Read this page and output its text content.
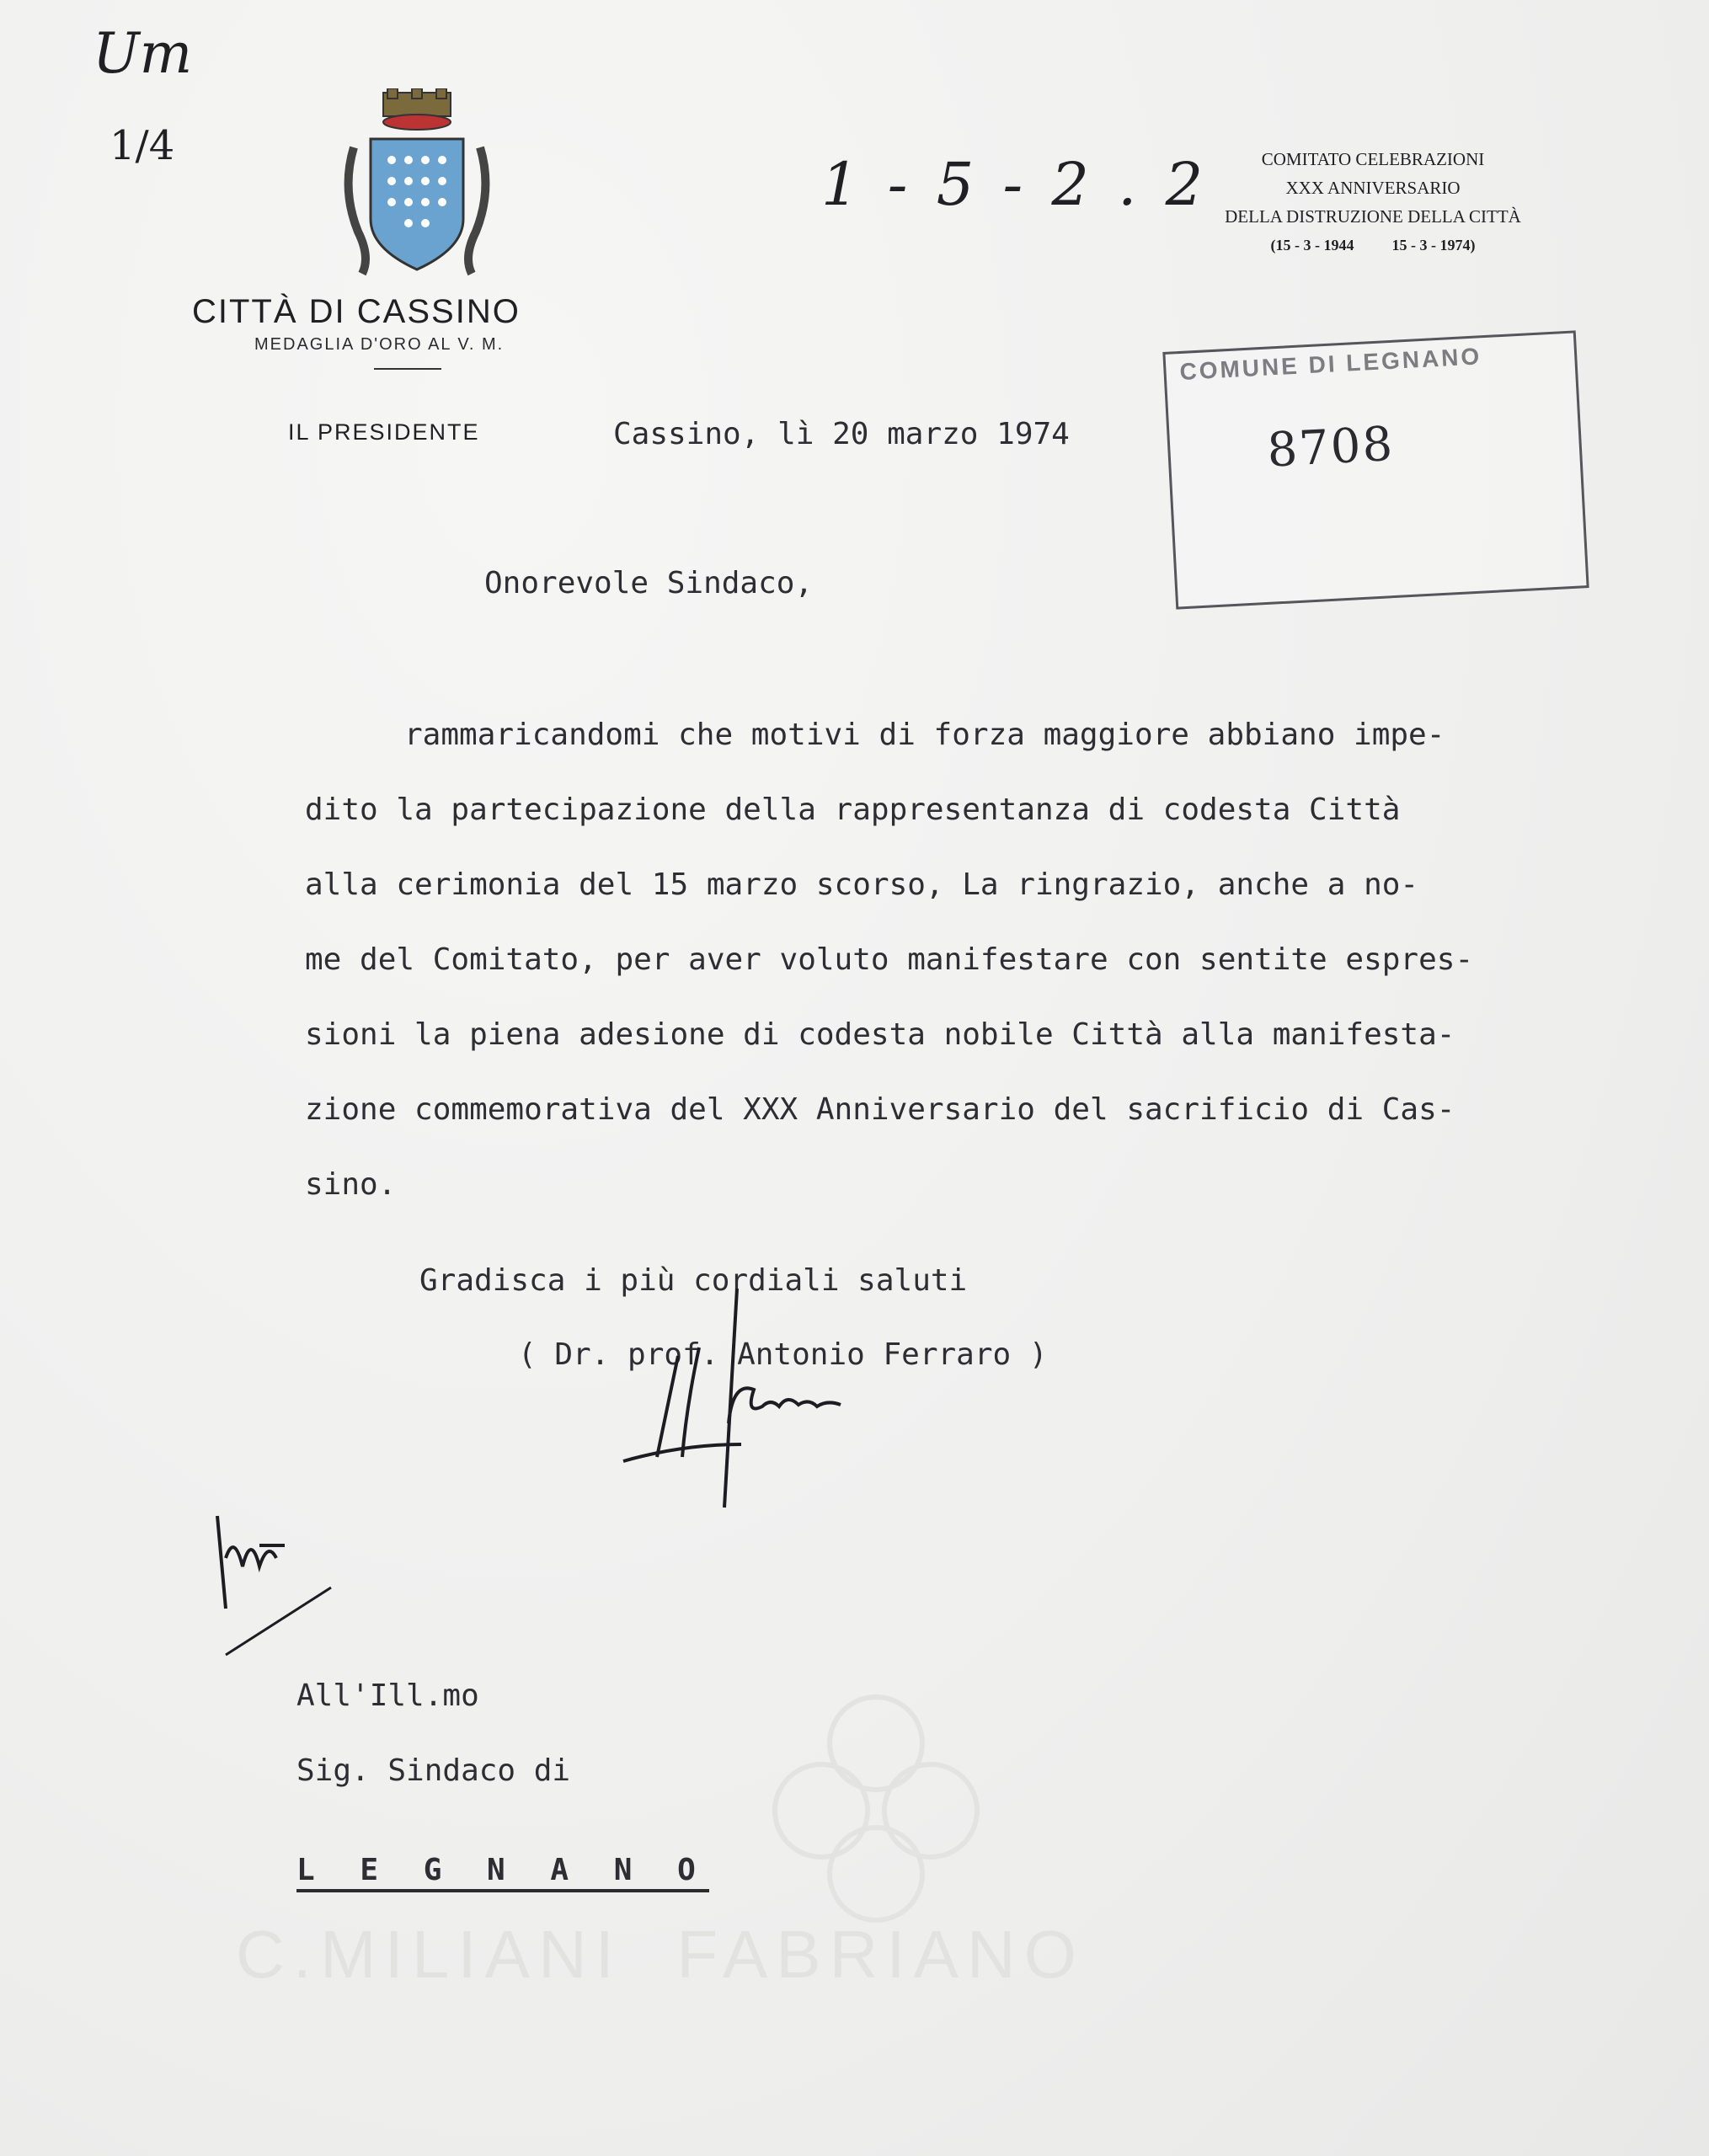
Um
1/4
1 - 5 - 2 . 2
CITTÀ DI CASSINO
MEDAGLIA D'ORO AL V. M.
IL PRESIDENTE
COMITATO CELEBRAZIONI
XXX ANNIVERSARIO
DELLA DISTRUZIONE DELLA CITTÀ
(15 - 3 - 1944          15 - 3 - 1974)
COMUNE DI LEGNANO
8708
Cassino, lì 20 marzo 1974
Onorevole Sindaco,
rammaricandomi che motivi di forza maggiore abbiano impe-
dito la partecipazione della rappresentanza di codesta Città
alla cerimonia del 15 marzo scorso, La ringrazio, anche a no-
me del Comitato, per aver voluto manifestare con sentite espres-
sioni la piena adesione di codesta nobile Città alla manifesta-
zione commemorativa del XXX Anniversario del sacrificio di Cas-
sino.
Gradisca i più cordiali saluti
( Dr. prof. Antonio Ferraro )
All'Ill.mo
Sig. Sindaco di
L E G N A N O
C.MILIANI  FABRIANO
